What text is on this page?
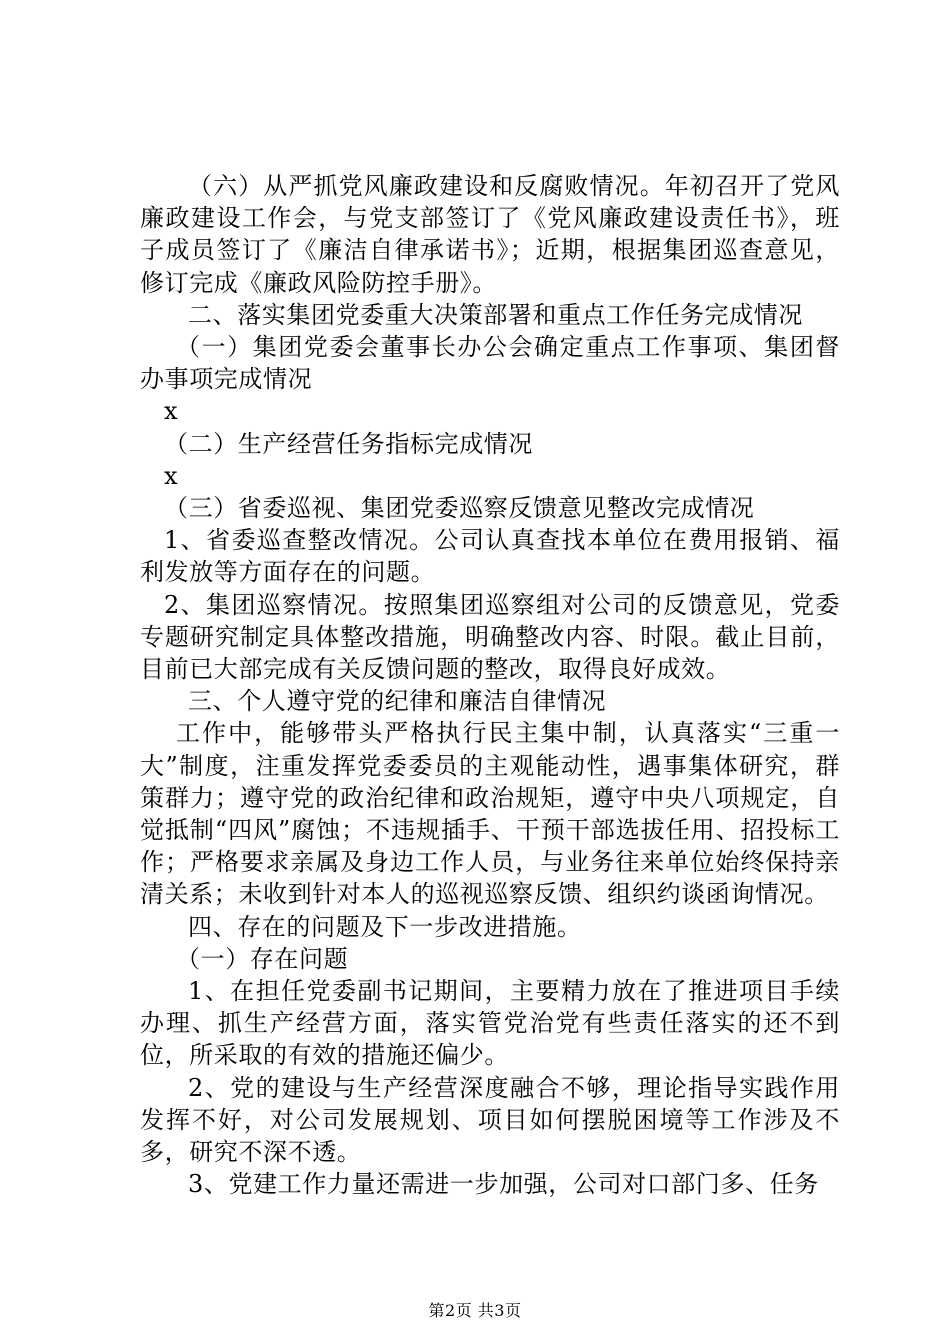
（六）从严抓党风廉政建设和反腐败情况。年初召开了党风廉政建设工作会，与党支部签订了《党风廉政建设责任书》，班子成员签订了《廉洁自律承诺书》；近期，根据集团巡查意见，修订完成《廉政风险防控手册》。

二、落实集团党委重大决策部署和重点工作任务完成情况

（一）集团党委会董事长办公会确定重点工作事项、集团督办事项完成情况

x

（二）生产经营任务指标完成情况

x

（三）省委巡视、集团党委巡察反馈意见整改完成情况

1、省委巡查整改情况。公司认真查找本单位在费用报销、福利发放等方面存在的问题。

2、集团巡察情况。按照集团巡察组对公司的反馈意见，党委专题研究制定具体整改措施，明确整改内容、时限。截止目前，目前已大部完成有关反馈问题的整改，取得良好成效。

三、个人遵守党的纪律和廉洁自律情况

工作中，能够带头严格执行民主集中制，认真落实“三重一大”制度，注重发挥党委委员的主观能动性，遇事集体研究，群策群力；遵守党的政治纪律和政治规矩，遵守中央八项规定，自觉抵制“四风”腐蚀；不违规插手、干预干部选拔任用、招投标工作；严格要求亲属及身边工作人员，与业务往来单位始终保持亲清关系；未收到针对本人的巡视巡察反馈、组织约谈函询情况。

四、存在的问题及下一步改进措施。

（一）存在问题

1、在担任党委副书记期间，主要精力放在了推进项目手续办理、抓生产经营方面，落实管党治党有些责任落实的还不到位，所采取的有效的措施还偏少。

2、党的建设与生产经营深度融合不够，理论指导实践作用发挥不好，对公司发展规划、项目如何摆脱困境等工作涉及不多，研究不深不透。

3、党建工作力量还需进一步加强，公司对口部门多、任务

第2页 共3页
